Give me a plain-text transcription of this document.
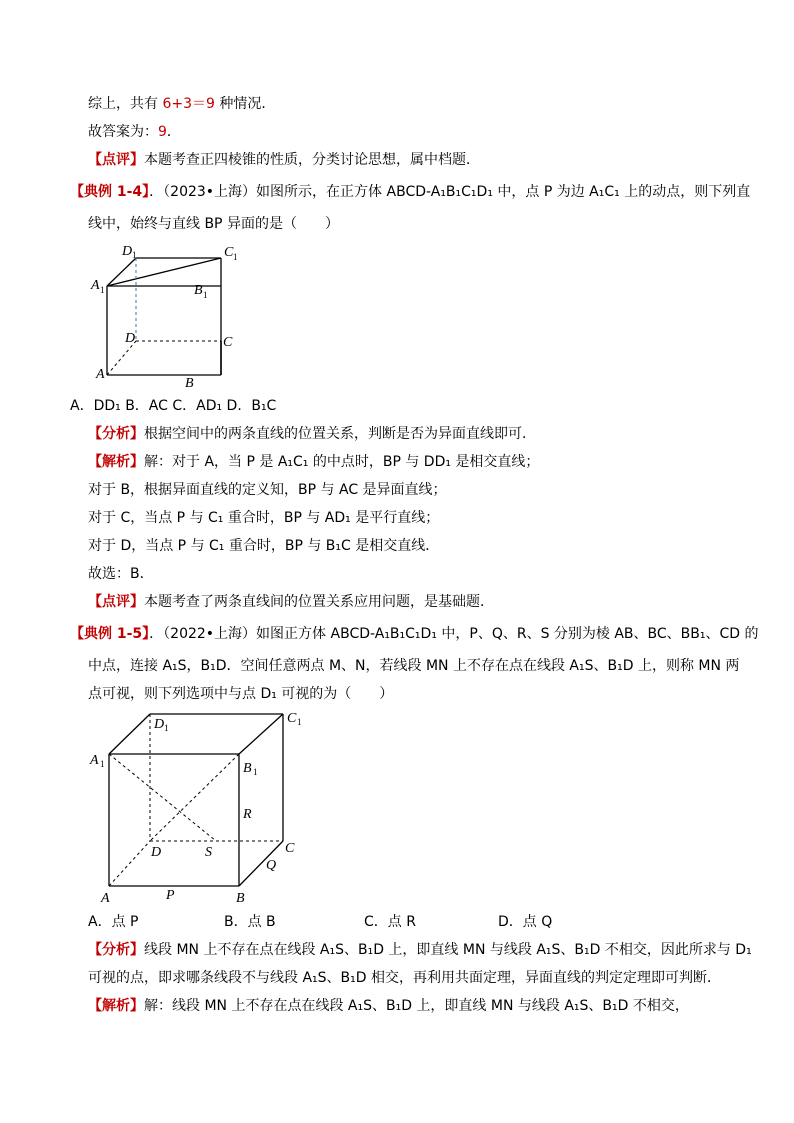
综上，共有 6+3＝9 种情况．
故答案为：9．
【点评】本题考查正四棱锥的性质，分类讨论思想，属中档题．
【典例 1-4】．（2023•上海）如图所示，在正方体 ABCD-A₁B₁C₁D₁ 中，点 P 为边 A₁C₁ 上的动点，则下列直
线中，始终与直线 BP 异面的是（　　）
D 1	C 1
A 1	B 1
D	C
A
B
A．DD₁ B．AC C．AD₁ D．B₁C
【分析】根据空间中的两条直线的位置关系，判断是否为异面直线即可．
【解析】解：对于 A，当 P 是 A₁C₁ 的中点时，BP 与 DD₁ 是相交直线；
对于 B，根据异面直线的定义知，BP 与 AC 是异面直线；
对于 C，当点 P 与 C₁ 重合时，BP 与 AD₁ 是平行直线；
对于 D，当点 P 与 C₁ 重合时，BP 与 B₁C 是相交直线．
故选：B．
【点评】本题考查了两条直线间的位置关系应用问题，是基础题．
【典例 1-5】．（2022•上海）如图正方体 ABCD-A₁B₁C₁D₁ 中，P、Q、R、S 分别为棱 AB、BC、BB₁、CD 的
中点，连接 A₁S，B₁D．空间任意两点 M、N，若线段 MN 上不存在点在线段 A₁S、B₁D 上，则称 MN 两
点可视，则下列选项中与点 D₁ 可视的为（　　）
D 1
C 1
A 1	B 1
R
D	S	C
Q
A	P	B
A．点 P	B．点 B	C．点 R	D．点 Q
【分析】线段 MN 上不存在点在线段 A₁S、B₁D 上，即直线 MN 与线段 A₁S、B₁D 不相交，因此所求与 D₁
可视的点，即求哪条线段不与线段 A₁S、B₁D 相交，再利用共面定理，异面直线的判定定理即可判断．
【解析】解：线段 MN 上不存在点在线段 A₁S、B₁D 上，即直线 MN 与线段 A₁S、B₁D 不相交，
